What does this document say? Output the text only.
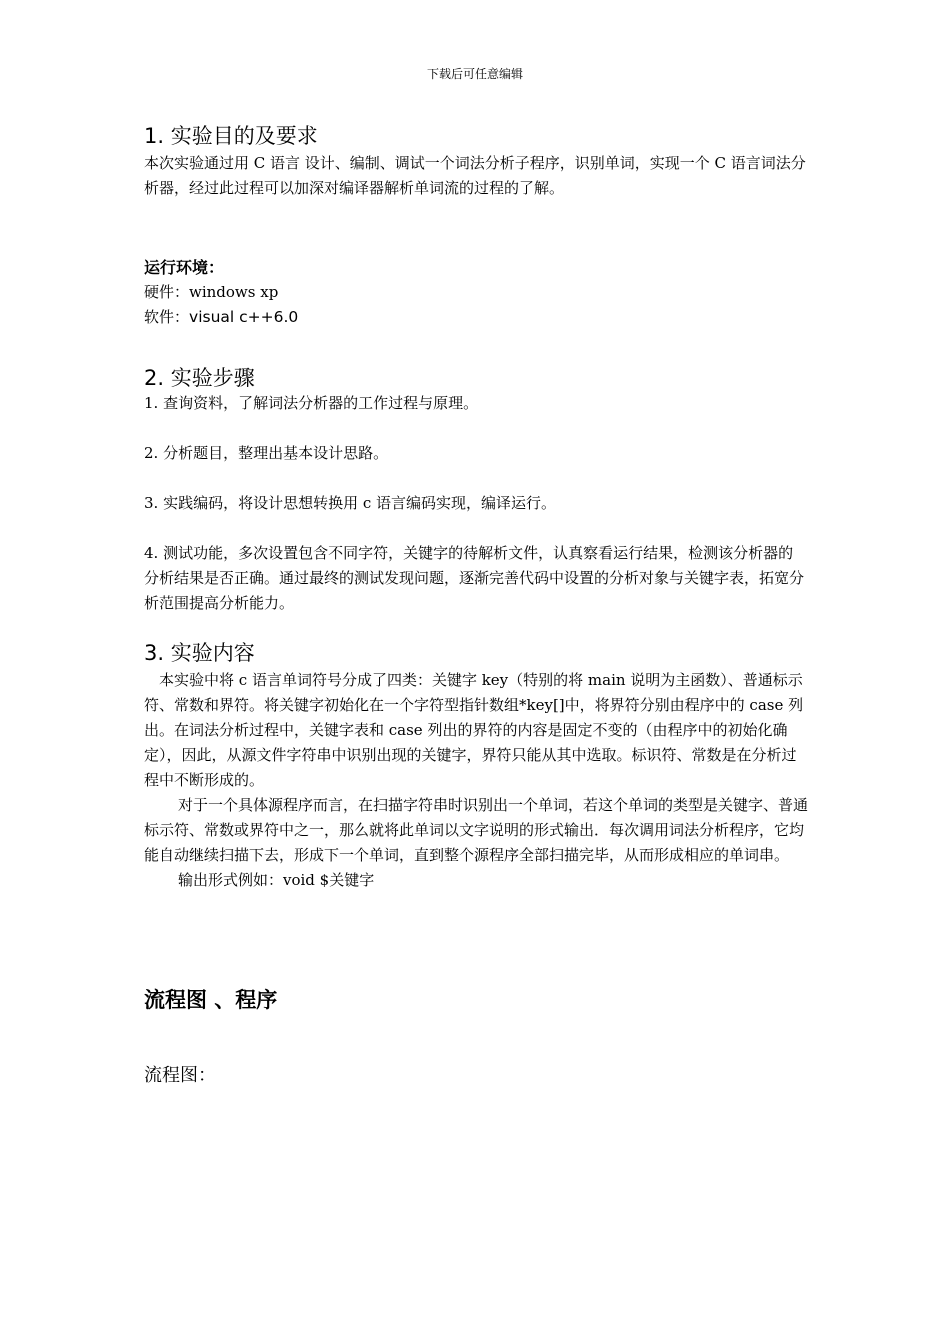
下载后可任意编辑
1. 实验目的及要求

本次实验通过用 C 语言 设计、编制、调试一个词法分析子程序，识别单词，实现一个 C 语言词法分析器，经过此过程可以加深对编译器解析单词流的过程的了解。

运行环境：
硬件：windows xp
软件：visual c++6.0
2. 实验步骤
1. 查询资料，了解词法分析器的工作过程与原理。
2. 分析题目，整理出基本设计思路。
3. 实践编码，将设计思想转换用 c 语言编码实现，编译运行。

4. 测试功能，多次设置包含不同字符，关键字的待解析文件，认真察看运行结果，检测该分析器的分析结果是否正确。通过最终的测试发现问题，逐渐完善代码中设置的分析对象与关键字表，拓宽分析范围提高分析能力。

3. 实验内容

本实验中将 c 语言单词符号分成了四类：关键字 key（特别的将 main 说明为主函数）、普通标示符、常数和界符。将关键字初始化在一个字符型指针数组*key[]中，将界符分别由程序中的 case 列出。在词法分析过程中，关键字表和 case 列出的界符的内容是固定不变的（由程序中的初始化确定），因此，从源文件字符串中识别出现的关键字，界符只能从其中选取。标识符、常数是在分析过程中不断形成的。

对于一个具体源程序而言，在扫描字符串时识别出一个单词，若这个单词的类型是关键字、普通标示符、常数或界符中之一，那么就将此单词以文字说明的形式输出．每次调用词法分析程序，它均能自动继续扫描下去，形成下一个单词，直到整个源程序全部扫描完毕，从而形成相应的单词串。

输出形式例如：void $关键字

流程图 、程序
流程图：
